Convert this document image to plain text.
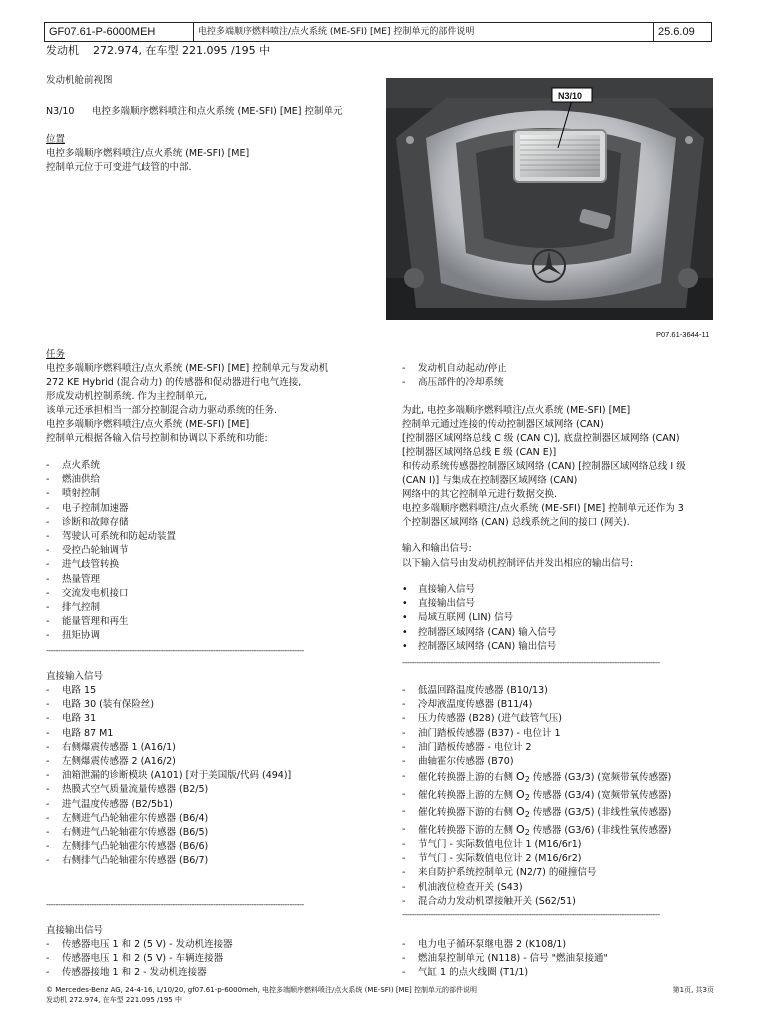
GF07.61-P-6000MEH	电控多端顺序燃料喷注/点火系统 (ME-SFI) [ME] 控制单元的部件说明	25.6.09
发动机    272.974, 在车型 221.095 /195 中
发动机舱前视图
N3/10 电控多端顺序燃料喷注和点火系统 (ME-SFI) [ME] 控制单元
位置
电控多端顺序燃料喷注/点火系统 (ME-SFI) [ME]
控制单元位于可变进气歧管的中部.
N3/10
P07.61-3644-11
任务
电控多端顺序燃料喷注/点火系统 (ME-SFI) [ME] 控制单元与发动机
272 KE Hybrid (混合动力) 的传感器和促动器进行电气连接,
形成发动机控制系统. 作为主控制单元,
该单元还承担相当一部分控制混合动力驱动系统的任务.
电控多端顺序燃料喷注/点火系统 (ME-SFI) [ME]
控制单元根据各输入信号控制和协调以下系统和功能:
- 点火系统
- 燃油供给
- 喷射控制
- 电子控制加速器
- 诊断和故障存储
- 驾驶认可系统和防起动装置
- 受控凸轮轴调节
- 进气歧管转换
- 热量管理
- 交流发电机接口
- 排气控制
- 能量管理和再生
- 扭矩协调
------------------------------------------------------------------------------------------------------------
- 发动机自动起动/停止
- 高压部件的冷却系统
为此, 电控多端顺序燃料喷注/点火系统 (ME-SFI) [ME]
控制单元通过连接的传动控制器区域网络 (CAN)
[控制器区域网络总线 C 级 (CAN C)], 底盘控制器区域网络 (CAN)
[控制器区域网络总线 E 级 (CAN E)]
和传动系统传感器控制器区域网络 (CAN) [控制器区域网络总线 I 级
(CAN I)] 与集成在控制器区域网络 (CAN)
网络中的其它控制单元进行数据交换.
电控多端顺序燃料喷注/点火系统 (ME-SFI) [ME] 控制单元还作为 3
个控制器区域网络 (CAN) 总线系统之间的接口 (网关).
输入和输出信号:
以下输入信号由发动机控制评估并发出相应的输出信号:
• 直接输入信号
• 直接输出信号
• 局域互联网 (LIN) 信号
• 控制器区域网络 (CAN) 输入信号
• 控制器区域网络 (CAN) 输出信号
------------------------------------------------------------------------------------------------------------
直接输入信号
- 电路 15
- 电路 30 (装有保险丝)
- 电路 31
- 电路 87 M1
- 右侧爆震传感器 1 (A16/1)
- 左侧爆震传感器 2 (A16/2)
- 油箱泄漏的诊断模块 (A101) [对于美国版/代码 (494)]
- 热膜式空气质量流量传感器 (B2/5)
- 进气温度传感器 (B2/5b1)
- 左侧进气凸轮轴霍尔传感器 (B6/4)
- 右侧进气凸轮轴霍尔传感器 (B6/5)
- 左侧排气凸轮轴霍尔传感器 (B6/6)
- 右侧排气凸轮轴霍尔传感器 (B6/7)
- 低温回路温度传感器 (B10/13)
- 冷却液温度传感器 (B11/4)
- 压力传感器 (B28) (进气歧管气压)
- 油门踏板传感器 (B37) - 电位计 1
- 油门踏板传感器 - 电位计 2
- 曲轴霍尔传感器 (B70)
- 催化转换器上游的右侧 $O_2$ 传感器 (G3/3) (宽频带氧传感器)
- 催化转换器上游的左侧 $O_2$ 传感器 (G3/4) (宽频带氧传感器)
- 催化转换器下游的右侧 $O_2$ 传感器 (G3/5) (非线性氧传感器)
- 催化转换器下游的左侧 $O_2$ 传感器 (G3/6) (非线性氧传感器)
- 节气门 - 实际数值电位计 1 (M16/6r1)
- 节气门 - 实际数值电位计 2 (M16/6r2)
- 来自防护系统控制单元 (N2/7) 的碰撞信号
- 机油液位检查开关 (S43)
- 混合动力发动机罩接触开关 (S62/51)
------------------------------------------------------------------------------------------------------------
------------------------------------------------------------------------------------------------------------
直接输出信号
- 传感器电压 1 和 2 (5 V) - 发动机连接器
- 传感器电压 1 和 2 (5 V) - 车辆连接器
- 传感器接地 1 和 2 - 发动机连接器
- 电力电子循环泵继电器 2 (K108/1)
- 燃油泵控制单元 (N118) - 信号 "燃油泵接通"
- 气缸 1 的点火线圈 (T1/1)
© Mercedes-Benz AG, 24-4-16, L/10/20, gf07.61-p-6000meh, 电控多端顺序燃料喷注/点火系统 (ME-SFI) [ME] 控制单元的部件说明
发动机 272.974, 在车型 221.095 /195 中
第1页, 共3页
